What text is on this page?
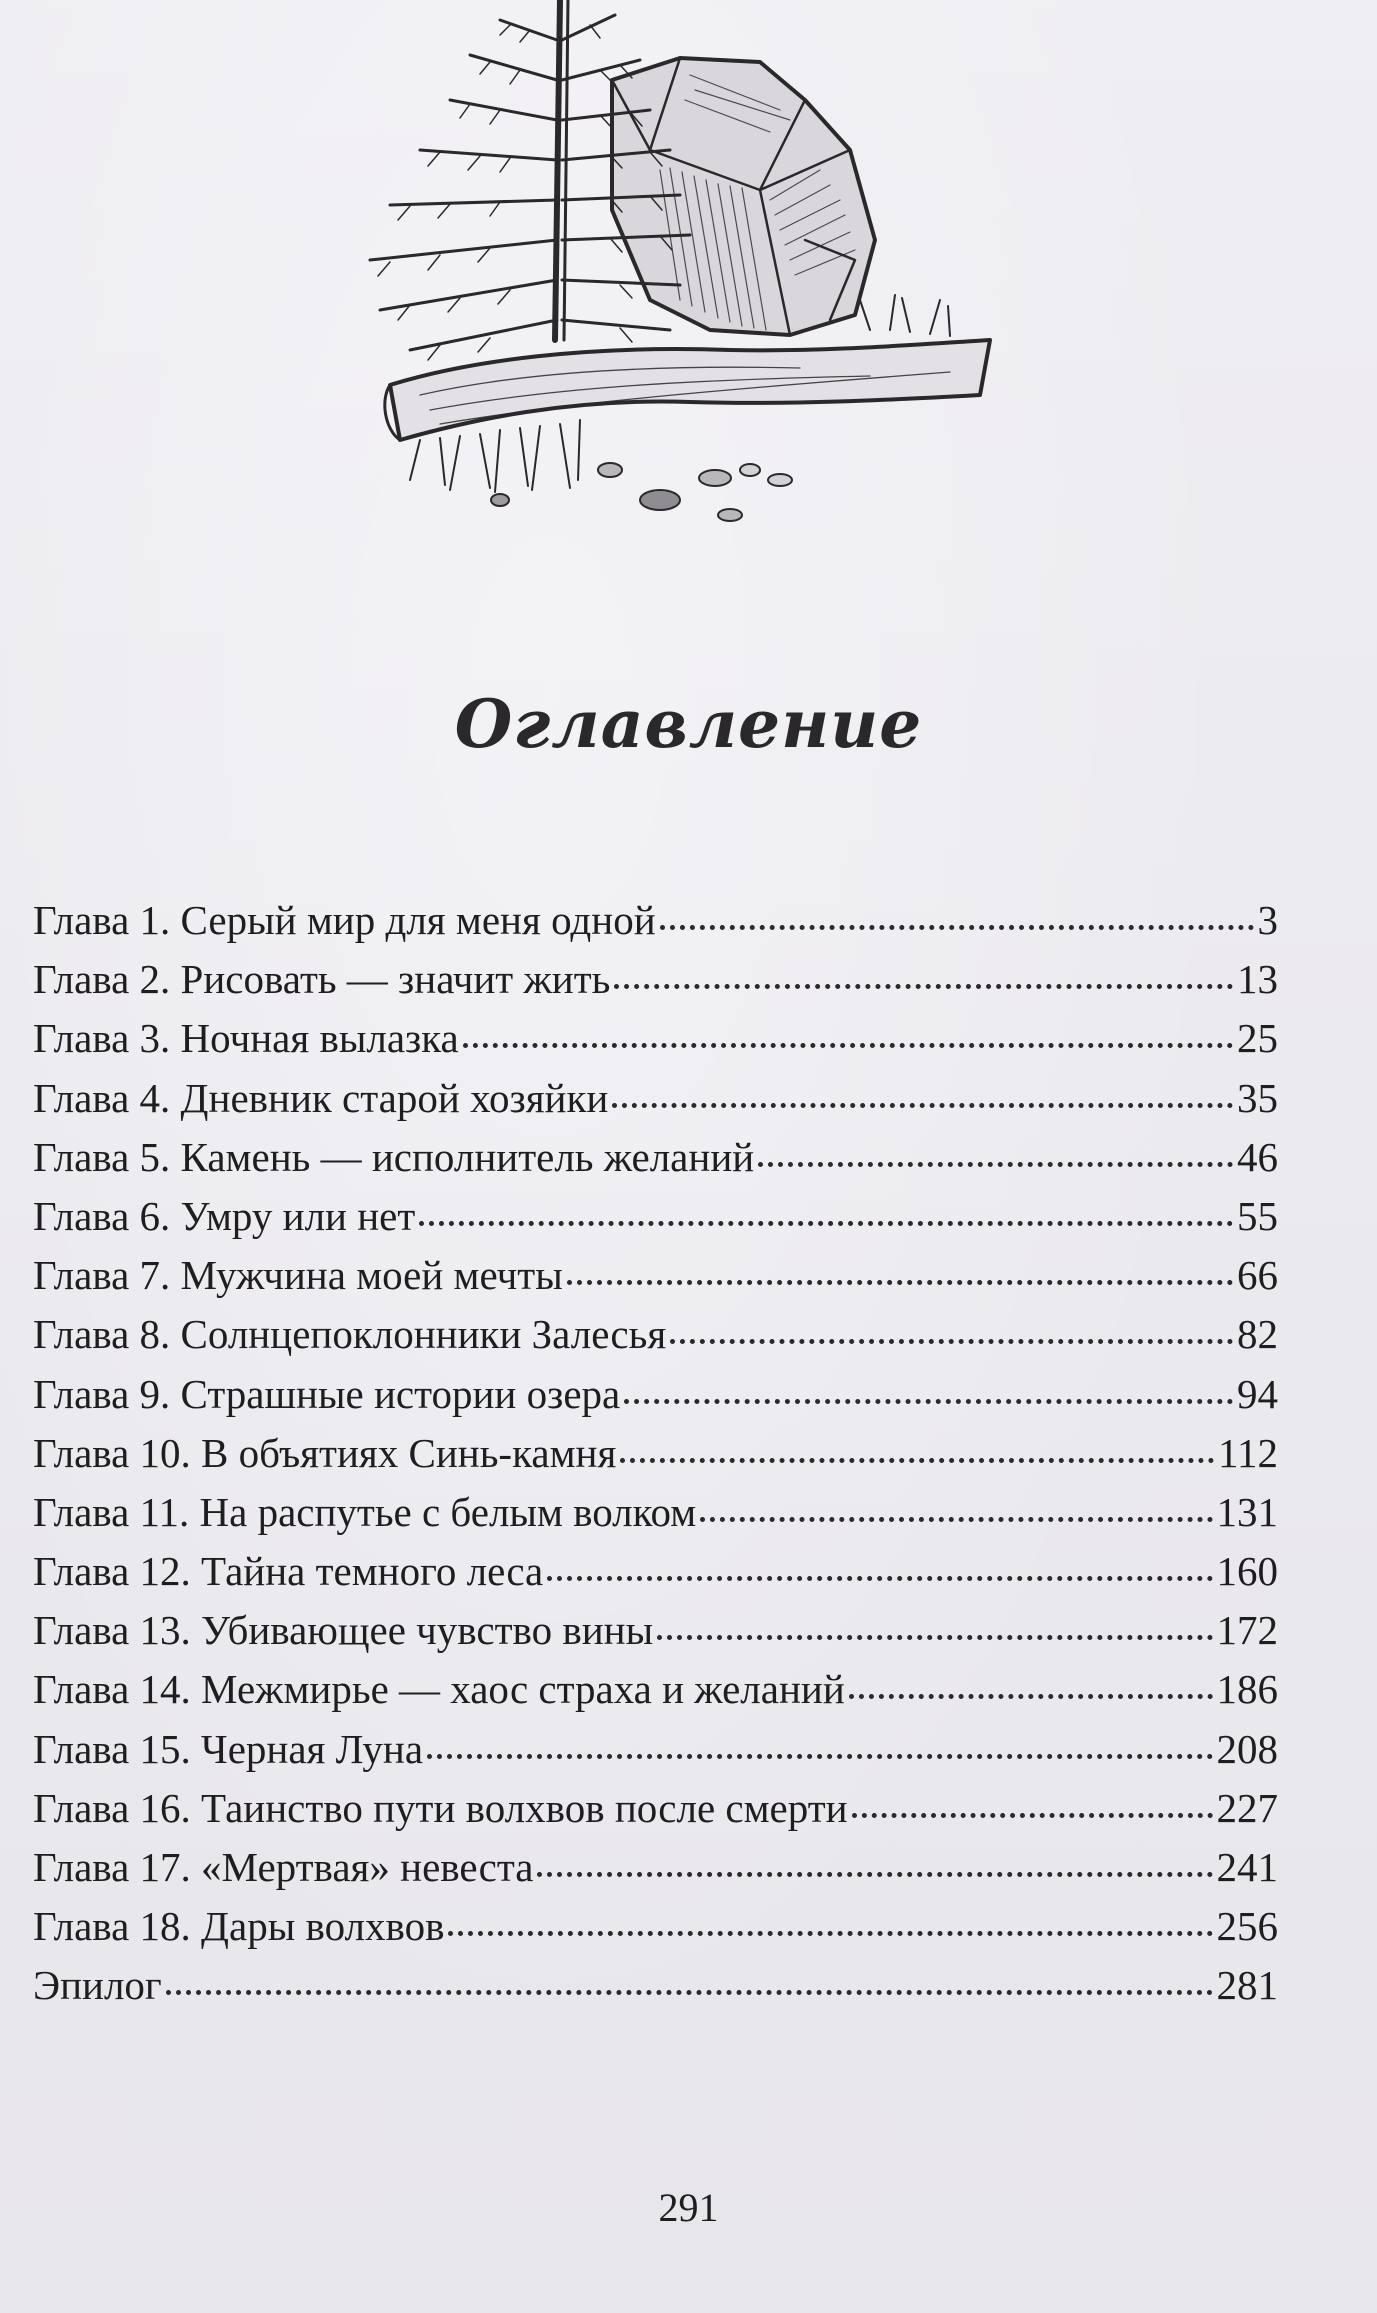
Оглавление
Глава 1. Серый мир для меня одной	3
Глава 2. Рисовать — значит жить	13
Глава 3. Ночная вылазка	25
Глава 4. Дневник старой хозяйки	35
Глава 5. Камень — исполнитель желаний	46
Глава 6. Умру или нет	55
Глава 7. Мужчина моей мечты	66
Глава 8. Солнцепоклонники Залесья	82
Глава 9. Страшные истории озера	94
Глава 10. В объятиях Синь-камня	112
Глава 11. На распутье с белым волком	131
Глава 12. Тайна темного леса	160
Глава 13. Убивающее чувство вины	172
Глава 14. Межмирье — хаос страха и желаний	186
Глава 15. Черная Луна	208
Глава 16. Таинство пути волхвов после смерти	227
Глава 17. «Мертвая» невеста	241
Глава 18. Дары волхвов	256
Эпилог	281
291
